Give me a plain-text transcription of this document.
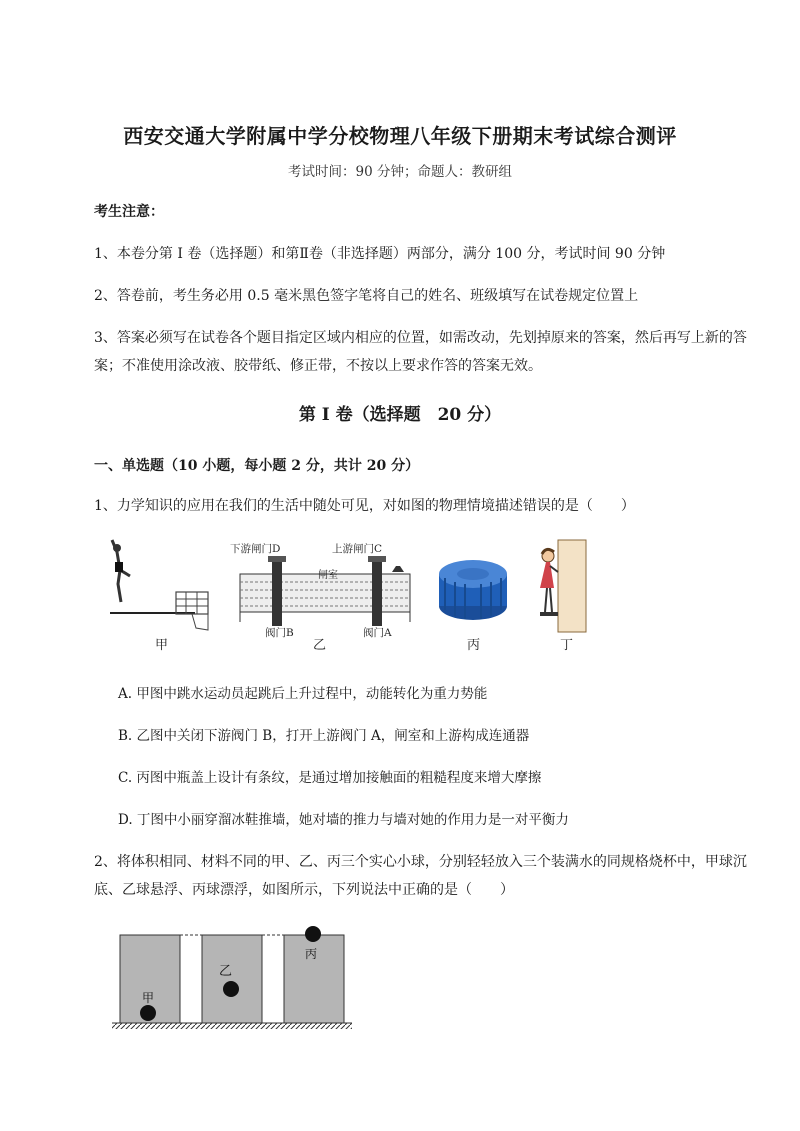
西安交通大学附属中学分校物理八年级下册期末考试综合测评
考试时间：90 分钟；命题人：教研组
考生注意：
1、本卷分第 I 卷（选择题）和第Ⅱ卷（非选择题）两部分，满分 100 分，考试时间 90 分钟
2、答卷前，考生务必用 0.5 毫米黑色签字笔将自己的姓名、班级填写在试卷规定位置上
3、答案必须写在试卷各个题目指定区域内相应的位置，如需改动，先划掉原来的答案，然后再写上新的答案；不准使用涂改液、胶带纸、修正带，不按以上要求作答的答案无效。
第 I 卷（选择题　20 分）
一、单选题（10 小题，每小题 2 分，共计 20 分）
1、力学知识的应用在我们的生活中随处可见，对如图的物理情境描述错误的是（　　）
下游闸门D	上游闸门C
闸室
阀门B	阀门A
甲	乙	丙	丁
A. 甲图中跳水运动员起跳后上升过程中，动能转化为重力势能
B. 乙图中关闭下游阀门 B，打开上游阀门 A，闸室和上游构成连通器
C. 丙图中瓶盖上设计有条纹，是通过增加接触面的粗糙程度来增大摩擦
D. 丁图中小丽穿溜冰鞋推墙，她对墙的推力与墙对她的作用力是一对平衡力
2、将体积相同、材料不同的甲、乙、丙三个实心小球，分别轻轻放入三个装满水的同规格烧杯中，甲球沉底、乙球悬浮、丙球漂浮，如图所示，下列说法中正确的是（　　）
甲
乙
丙
